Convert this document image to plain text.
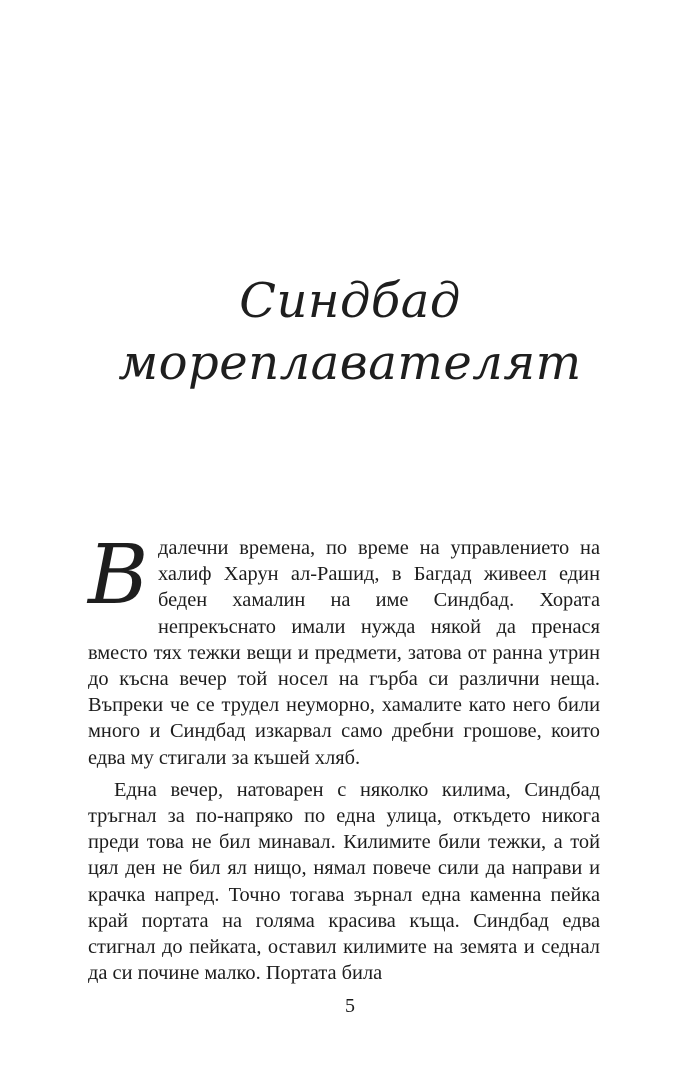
Синдбад
мореплавателят

Вдалечни времена, по време на управлението на халиф Харун ал-Рашид, в Багдад живеел един беден хамалин на име Синдбад. Хората непрекъснато имали нужда някой да пренася вместо тях тежки вещи и предмети, затова от ранна утрин до късна вечер той носел на гърба си различни неща. Въпреки че се трудел неуморно, хамалите като него били много и Синдбад изкарвал само дребни грошове, които едва му стигали за къшей хляб.

Една вечер, натоварен с няколко килима, Синдбад тръгнал за по-напряко по една улица, откъдето никога преди това не бил минавал. Килимите били тежки, а той цял ден не бил ял нищо, нямал повече сили да направи и крачка напред. Точно тогава зърнал една каменна пейка край портата на голяма красива къща. Синдбад едва стигнал до пейката, оставил килимите на земята и седнал да си почине малко. Портата била

5
